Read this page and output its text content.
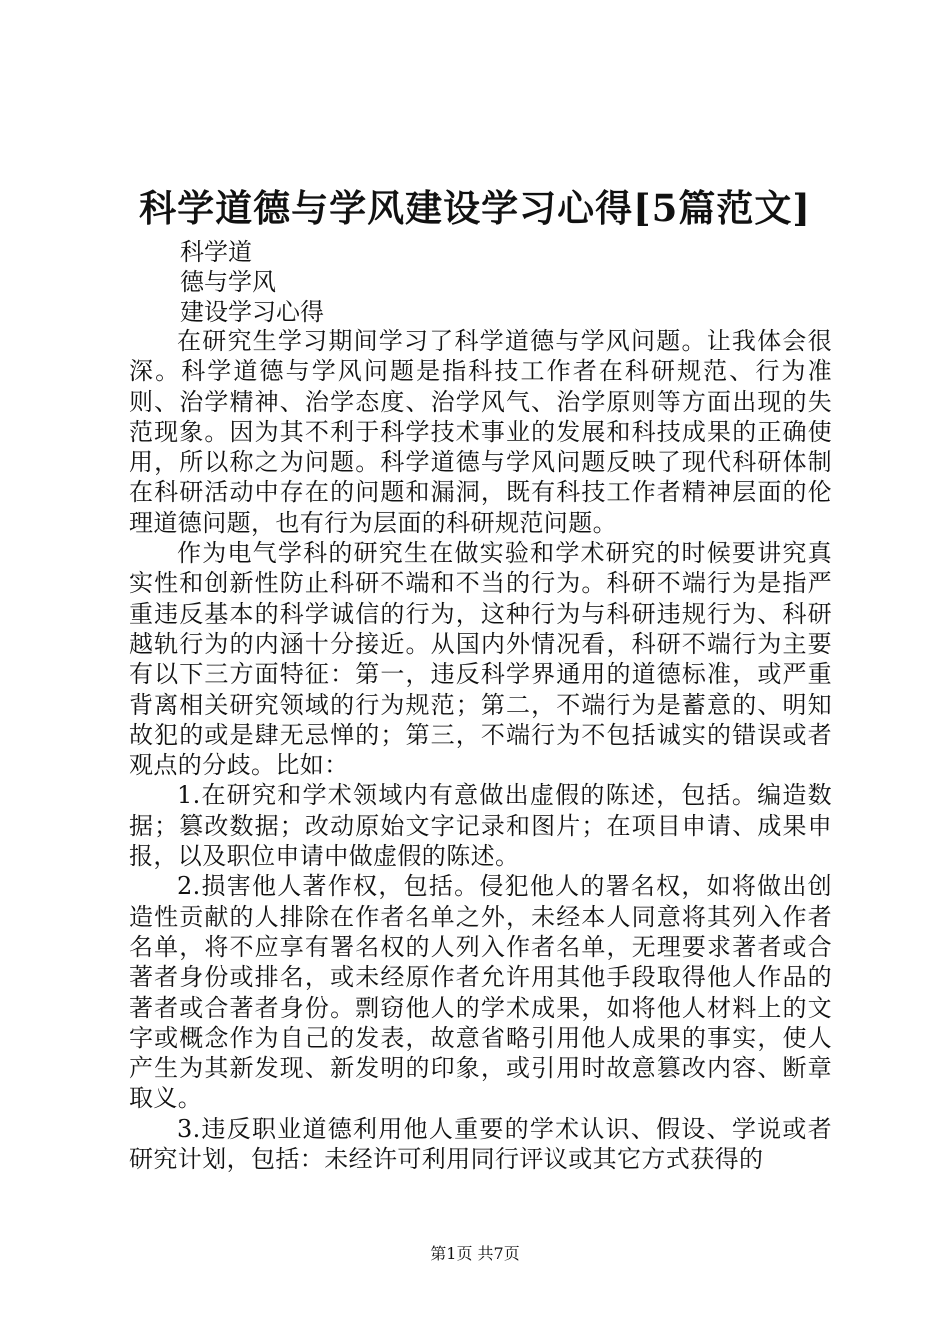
科学道德与学风建设学习心得[5篇范文]

科学道

德与学风

建设学习心得

在研究生学习期间学习了科学道德与学风问题。让我体会很深。科学道德与学风问题是指科技工作者在科研规范、行为准则、治学精神、治学态度、治学风气、治学原则等方面出现的失范现象。因为其不利于科学技术事业的发展和科技成果的正确使用，所以称之为问题。科学道德与学风问题反映了现代科研体制在科研活动中存在的问题和漏洞，既有科技工作者精神层面的伦理道德问题，也有行为层面的科研规范问题。

作为电气学科的研究生在做实验和学术研究的时候要讲究真实性和创新性防止科研不端和不当的行为。科研不端行为是指严重违反基本的科学诚信的行为，这种行为与科研违规行为、科研越轨行为的内涵十分接近。从国内外情况看，科研不端行为主要有以下三方面特征：第一，违反科学界通用的道德标准，或严重背离相关研究领域的行为规范；第二，不端行为是蓄意的、明知故犯的或是肆无忌惮的；第三，不端行为不包括诚实的错误或者观点的分歧。比如：

1.在研究和学术领域内有意做出虚假的陈述，包括。编造数据；篡改数据；改动原始文字记录和图片；在项目申请、成果申报，以及职位申请中做虚假的陈述。

2.损害他人著作权，包括。侵犯他人的署名权，如将做出创造性贡献的人排除在作者名单之外，未经本人同意将其列入作者名单，将不应享有署名权的人列入作者名单，无理要求著者或合著者身份或排名，或未经原作者允许用其他手段取得他人作品的著者或合著者身份。剽窃他人的学术成果，如将他人材料上的文字或概念作为自己的发表，故意省略引用他人成果的事实，使人产生为其新发现、新发明的印象，或引用时故意篡改内容、断章取义。

3.违反职业道德利用他人重要的学术认识、假设、学说或者研究计划，包括：未经许可利用同行评议或其它方式获得的

第1页 共7页
